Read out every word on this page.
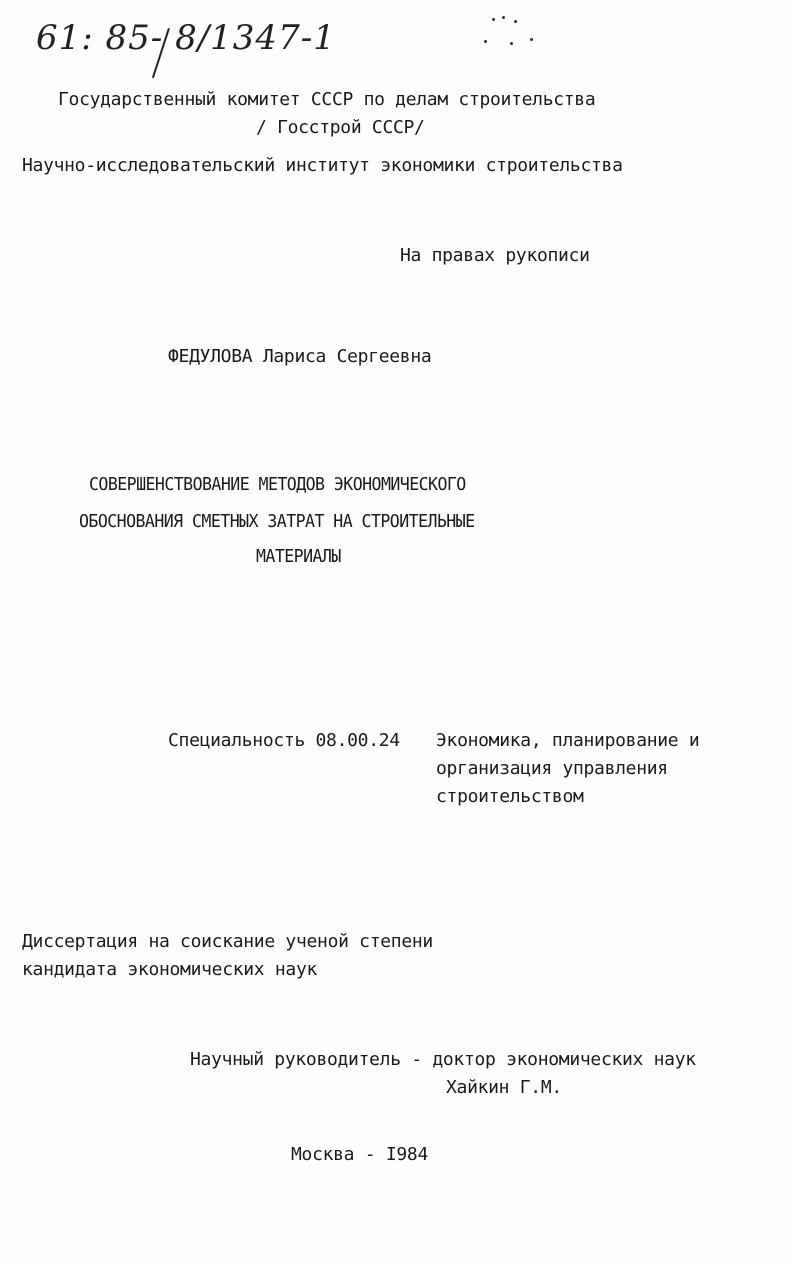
61: 85- 8/1347-1
Государственный комитет СССР по делам строительства
/ Госстрой СССР/
Научно-исследовательский институт экономики строительства
На правах рукописи
ФЕДУЛОВА Лариса Сергеевна
СОВЕРШЕНСТВОВАНИЕ МЕТОДОВ ЭКОНОМИЧЕСКОГО
ОБОСНОВАНИЯ СМЕТНЫХ ЗАТРАТ НА СТРОИТЕЛЬНЫЕ
МАТЕРИАЛЫ
Специальность 08.00.24 Экономика, планирование и
организация управления
строительством
Диссертация на соискание ученой степени
кандидата экономических наук
Научный руководитель - доктор экономических наук
Хайкин Г.М.
Москва - I984
